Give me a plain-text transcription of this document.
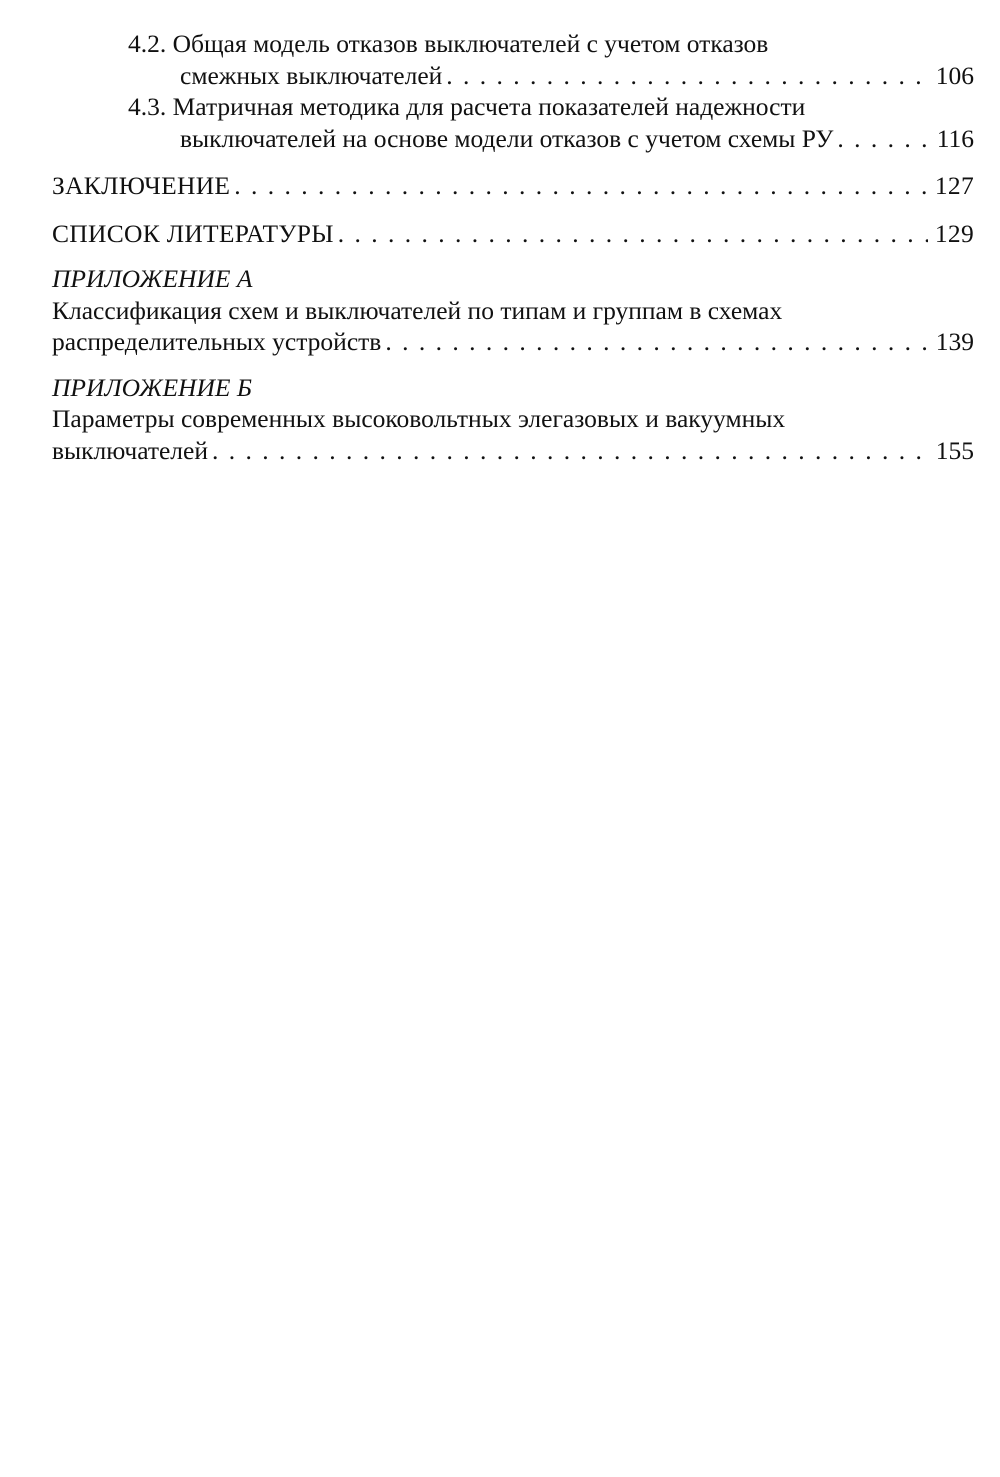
4.2. Общая модель отказов выключателей с учетом отказов
смежных выключателей . . .	106
4.3. Матричная методика для расчета показателей надежности
выключателей на основе модели отказов с учетом схемы РУ . . .	116
ЗАКЛЮЧЕНИЕ . . .	127
СПИСОК ЛИТЕРАТУРЫ . . .	129
ПРИЛОЖЕНИЕ А
Классификация схем и выключателей по типам и группам в схемах
распределительных устройств . . .	139
ПРИЛОЖЕНИЕ Б
Параметры современных высоковольтных элегазовых и вакуумных
выключателей . . .	155
